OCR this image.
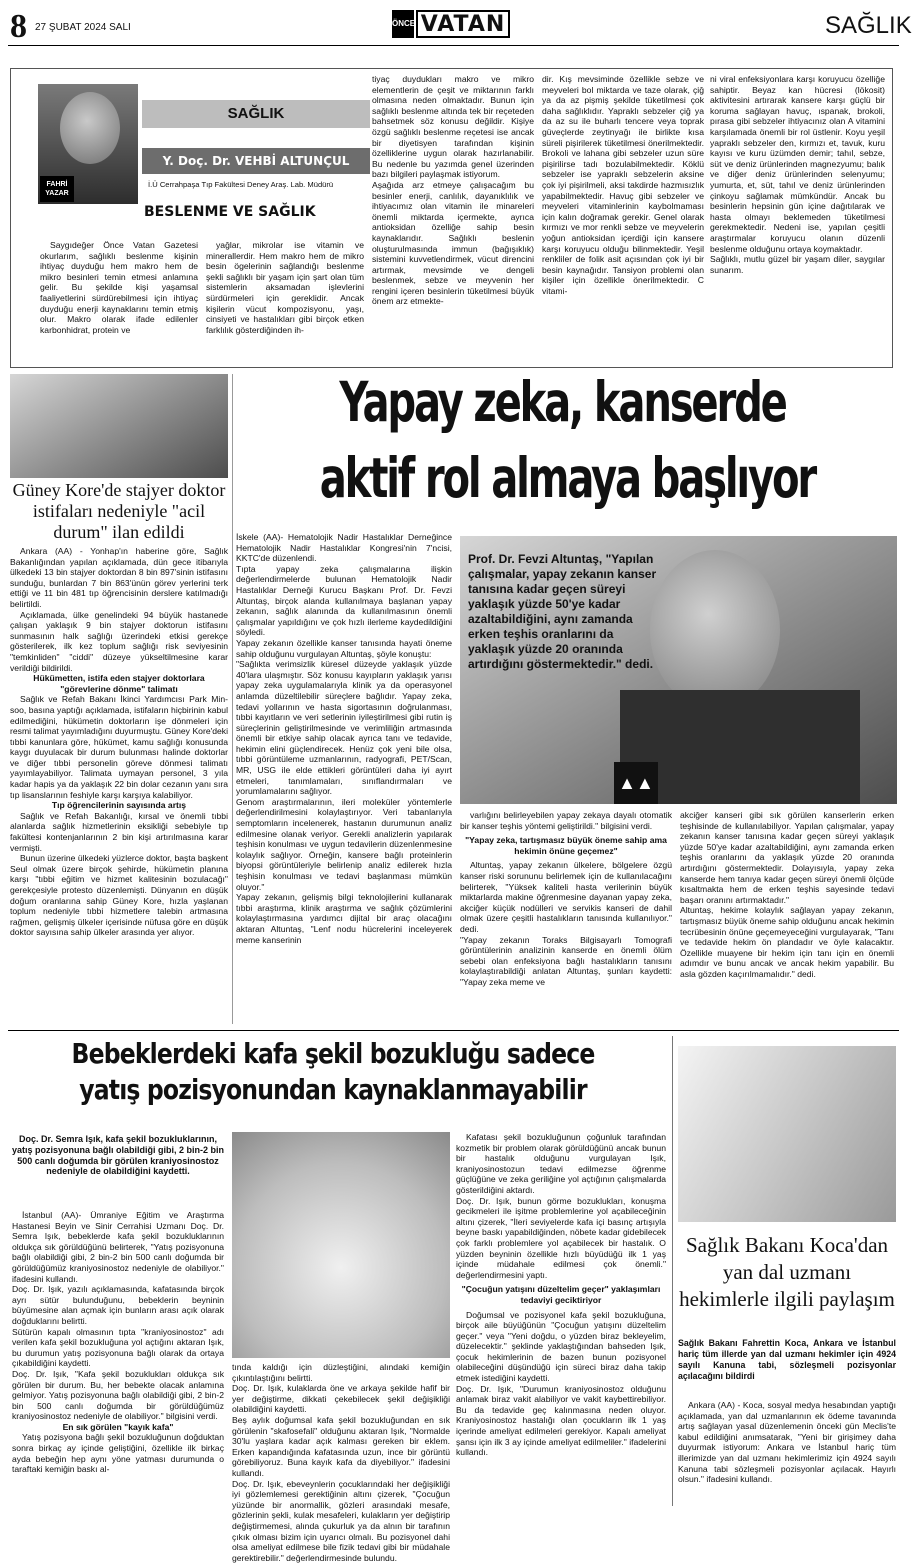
8 27 ŞUBAT 2024 SALI	ÖNCE VATAN	SAĞLIK
FAHRİ YAZAR
SAĞLIK
Y. Doç. Dr. VEHBİ ALTUNÇUL
İ.Ü Cerrahpaşa Tıp Fakültesi Deney Araş. Lab. Müdürü
BESLENME VE SAĞLIK

Saygıdeğer Önce Vatan Gazetesi okurlarım, sağlıklı beslenme kişinin ihtiyaç duyduğu hem makro hem de mikro besinleri temin etmesi anlamına gelir. Bu şekilde kişi yaşamsal faaliyetlerini sürdürebilmesi için ihtiyaç duyduğu enerji kaynaklarını temin etmiş olur. Makro olarak ifade edilenler karbonhidrat, protein ve

yağlar, mikrolar ise vitamin ve minerallerdir. Hem makro hem de mikro besin ögelerinin sağlandığı beslenme şekli sağlıklı bir yaşam için şart olan tüm sistemlerin aksamadan işlevlerini sürdürmeleri için gereklidir. Ancak kişilerin vücut kompozisyonu, yaşı, cinsiyeti ve hastalıkları gibi birçok etken farklılık gösterdiğinden ih-

tiyaç duydukları makro ve mikro elementlerin de çeşit ve miktarının farklı olmasına neden olmaktadır. Bunun için sağlıklı beslenme altında tek bir reçeteden bahsetmek söz konusu değildir. Kişiye özgü sağlıklı beslenme reçetesi ise ancak bir diyetisyen tarafından kişinin özelliklerine uygun olarak hazırlanabilir. Bu nedenle bu yazımda genel üzerinden bazı bilgileri paylaşmak istiyorum.
Aşağıda arz etmeye çalışacağım bu besinler enerji, canlılık, dayanıklılık ve ihtiyacımız olan vitamin ile minareleri önemli miktarda içermekte, ayrıca antioksidan özelliğe sahip besin kaynaklarıdır. Sağlıklı beslenin oluşturulmasında immun (bağışıklık) sistemini kuvvetlendirmek, vücut direncini artırmak, mevsimde ve dengeli beslenmek, sebze ve meyvenin her rengini içeren besinlerin tüketilmesi büyük önem arz etmekte-
dir. Kış mevsiminde özellikle sebze ve meyveleri bol miktarda ve taze olarak, çiğ ya da az pişmiş şekilde tüketilmesi çok daha sağlıklıdır. Yapraklı sebzeler çiğ ya da az su ile buharlı tencere veya toprak güveçlerde zeytinyağı ile birlikte kısa süreli pişirilerek tüketilmesi önerilmektedir. Brokoli ve lahana gibi sebzeler uzun süre pişirilirse tadı bozulabilmektedir. Köklü sebzeler ise yapraklı sebzelerin aksine çok iyi pişirilmeli, aksi takdirde hazmısızlık yapabilmektedir. Havuç gibi sebzeler ve meyveleri vitaminlerinin kaybolmaması için kalın doğramak gerekir. Genel olarak kırmızı ve mor renkli sebze ve meyvelerin yoğun antioksidan içerdiği için kansere karşı koruyucu olduğu bilinmektedir. Yeşil renkliler de folik asit açısından çok iyi bir besin kaynağıdır. Tansiyon problemi olan kişiler için özellikle önerilmektedir. C vitami-
ni viral enfeksiyonlara karşı koruyucu özelliğe sahiptir. Beyaz kan hücresi (lökosit) aktivitesini artırarak kansere karşı güçlü bir koruma sağlayan havuç, ıspanak, brokoli, pırasa gibi sebzeler ihtiyacınız olan A vitamini karşılamada önemli bir rol üstlenir. Koyu yeşil yapraklı sebzeler den, kırmızı et, tavuk, kuru kayısı ve kuru üzümden demir; tahıl, sebze, süt ve deniz ürünlerinden magnezyumu; balık ve diğer deniz ürünlerinden selenyumu; yumurta, et, süt, tahıl ve deniz ürünlerinden çinkoyu sağlamak mümkündür. Ancak bu besinlerin hepsinin gün içine dağıtılarak ve hasta olmayı beklemeden tüketilmesi gerekmektedir. Nedeni ise, yapılan çeşitli araştırmalar koruyucu olanın düzenli beslenme olduğunu ortaya koymaktadır.
Sağlıklı, mutlu güzel bir yaşam diler, saygılar sunarım.
Güney Kore'de stajyer doktor istifaları nedeniyle "acil durum" ilan edildi

Ankara (AA) - Yonhap'ın haberine göre, Sağlık Bakanlığından yapılan açıklamada, dün gece itibarıyla ülkedeki 13 bin stajyer doktordan 8 bin 897'sinin istifasını sunduğu, bunlardan 7 bin 863'ünün görev yerlerini terk ettiği ve 11 bin 481 tıp öğrencisinin derslere katılmadığı belirtildi.

Açıklamada, ülke genelindeki 94 büyük hastanede çalışan yaklaşık 9 bin stajyer doktorun istifasını sunmasının halk sağlığı üzerindeki etkisi gerekçe gösterilerek, ilk kez toplum sağlığı risk seviyesinin "temkinliden" "ciddi" düzeye yükseltilmesine karar verildiği bildirildi.

Hükümetten, istifa eden stajyer doktorlara "görevlerine dönme" talimatı

Sağlık ve Refah Bakanı İkinci Yardımcısı Park Min-soo, basına yaptığı açıklamada, istifaların hiçbirinin kabul edilmediğini, hükümetin doktorların işe dönmeleri için resmi talimat yayımladığını duyurmuştu. Güney Kore'deki tıbbi kanunlara göre, hükümet, kamu sağlığı konusunda kaygı duyulacak bir durum bulunması halinde doktorlar ve diğer tıbbi personelin göreve dönmesi talimatı yayımlayabiliyor. Talimata uymayan personel, 3 yıla kadar hapis ya da yaklaşık 22 bin dolar cezanın yanı sıra tıp lisanslarının feshiyle karşı karşıya kalabiliyor.

Tıp öğrencilerinin sayısında artış

Sağlık ve Refah Bakanlığı, kırsal ve önemli tıbbi alanlarda sağlık hizmetlerinin eksikliği sebebiyle tıp fakültesi kontenjanlarının 2 bin kişi artırılmasına karar vermişti.

Bunun üzerine ülkedeki yüzlerce doktor, başta başkent Seul olmak üzere birçok şehirde, hükümetin planına karşı "tıbbi eğitim ve hizmet kalitesinin bozulacağı" gerekçesiyle protesto düzenlemişti. Dünyanın en düşük doğum oranlarına sahip Güney Kore, hızla yaşlanan toplum nedeniyle tıbbi hizmetlere talebin artmasına rağmen, gelişmiş ülkeler içerisinde nüfusa göre en düşük doktor sayısına sahip ülkeler arasında yer alıyor.

Yapay zeka, kanserde
aktif rol almaya başlıyor
İskele (AA)- Hematolojik Nadir Hastalıklar Derneğince Hematolojik Nadir Hastalıklar Kongresi'nin 7'ncisi, KKTC'de düzenlendi.
Tıpta yapay zeka çalışmalarına ilişkin değerlendirmelerde bulunan Hematolojik Nadir Hastalıklar Derneği Kurucu Başkanı Prof. Dr. Fevzi Altuntaş, birçok alanda kullanılmaya başlanan yapay zekanın, sağlık alanında da kullanılmasının önemli çalışmalar yapıldığını ve çok hızlı ilerleme kaydedildiğini söyledi.
Yapay zekanın özellikle kanser tanısında hayati öneme sahip olduğunu vurgulayan Altuntaş, şöyle konuştu:
"Sağlıkta verimsizlik küresel düzeyde yaklaşık yüzde 40'lara ulaşmıştır. Söz konusu kayıpların yaklaşık yarısı yapay zeka uygulamalarıyla klinik ya da operasyonel anlamda düzeltilebilir süreçlere bağlıdır. Yapay zeka, tedavi yollarının ve hasta sigortasının doğrulanması, tıbbi kayıtların ve veri setlerinin iyileştirilmesi gibi rutin iş süreçlerinin geliştirilmesinde ve verimliliğin artmasında önemli bir etkiye sahip olacak ayrıca tanı ve tedavide, hekimin elini güçlendirecek. Henüz çok yeni bile olsa, tıbbi görüntüleme uzmanlarının, radyografi, PET/Scan, MR, USG ile elde ettikleri görüntüleri daha iyi ayırt etmeleri, tanımlamaları, sınıflandırmaları ve yorumlamalarını sağlıyor.
Genom araştırmalarının, ileri moleküler yöntemlerle değerlendirilmesini kolaylaştırıyor. Veri tabanlarıyla semptomların incelenerek, hastanın durumunun analiz edilmesine olanak veriyor. Gerekli analizlerin yapılarak teşhisin konulması ve uygun tedavilerin düzenlenmesine kolaylık sağlıyor. Örneğin, kansere bağlı proteinlerin biyopsi görüntüleriyle belirlenip analiz edilerek hızla teşhisin konulması ve tedavi başlanması mümkün oluyor."
Yapay zekanın, gelişmiş bilgi teknolojilerini kullanarak tıbbi araştırma, klinik araştırma ve sağlık çözümlerini kolaylaştırmasına yardımcı dijital bir araç olacağını aktaran Altuntaş, "Lenf nodu hücrelerini inceleyerek meme kanserinin
Prof. Dr. Fevzi Altuntaş, "Yapılan çalışmalar, yapay zekanın kanser tanısına kadar geçen süreyi yaklaşık yüzde 50'ye kadar azaltabildiğini, aynı zamanda erken teşhis oranlarını da yaklaşık yüzde 20 oranında artırdığını göstermektedir." dedi.
▲▲

varlığını belirleyebilen yapay zekaya dayalı otomatik bir kanser teşhis yöntemi geliştirildi." bilgisini verdi.

"Yapay zeka, tartışmasız büyük öneme sahip ama hekimin önüne geçemez"

Altuntaş, yapay zekanın ülkelere, bölgelere özgü kanser riski sorununu belirlemek için de kullanılacağını belirterek, "Yüksek kaliteli hasta verilerinin büyük miktarlarda makine öğrenmesine dayanan yapay zeka, akciğer küçük nodülleri ve servikis kanseri de dahil olmak üzere çeşitli hastalıkların tanısında kullanılıyor." dedi.
"Yapay zekanın Toraks Bilgisayarlı Tomografi görüntülerinin analizinin kanserde en önemli ölüm sebebi olan enfeksiyona bağlı hastalıkların tanısını kolaylaştırabildiği anlatan Altuntaş, şunları kaydetti: "Yapay zeka meme ve

akciğer kanseri gibi sık görülen kanserlerin erken teşhisinde de kullanılabiliyor. Yapılan çalışmalar, yapay zekanın kanser tanısına kadar geçen süreyi yaklaşık yüzde 50'ye kadar azaltabildiğini, aynı zamanda erken teşhis oranlarını da yaklaşık yüzde 20 oranında artırdığını göstermektedir. Dolayısıyla, yapay zeka kanserde hem tanıya kadar geçen süreyi önemli ölçüde kısaltmakta hem de erken teşhis sayesinde tedavi başarı oranını artırmaktadır."
Altuntaş, hekime kolaylık sağlayan yapay zekanın, tartışmasız büyük öneme sahip olduğunu ancak hekimin tecrübesinin önüne geçemeyeceğini vurgulayarak, "Tanı ve tedavide hekim ön plandadır ve öyle kalacaktır. Özellikle muayene bir hekim için tanı için en önemli adımdır ve bunu ancak ve ancak hekim yapabilir. Bu asla gözden kaçırılmamalıdır." dedi.
Bebeklerdeki kafa şekil bozukluğu sadece
yatış pozisyonundan kaynaklanmayabilir
Doç. Dr. Semra Işık, kafa şekil bozukluklarının, yatış pozisyonuna bağlı olabildiği gibi, 2 bin-2 bin 500 canlı doğumda bir görülen kraniyosinostoz nedeniyle de olabildiğini kaydetti.

İstanbul (AA)- Ümraniye Eğitim ve Araştırma Hastanesi Beyin ve Sinir Cerrahisi Uzmanı Doç. Dr. Semra Işık, bebeklerde kafa şekil bozukluklarının oldukça sık görüldüğünü belirterek, "Yatış pozisyonuna bağlı olabildiği gibi, 2 bin-2 bin 500 canlı doğumda bir görüldüğümüz kraniyosinostoz nedeniyle de olabiliyor." ifadesini kullandı.
Doç. Dr. Işık, yazılı açıklamasında, kafatasında birçok ayrı sütür bulunduğunu, bebeklerin beyninin büyümesine alan açmak için bunların arası açık olarak doğduklarını belirtti.
Sütürün kapalı olmasının tıpta "kraniyosinostoz" adı verilen kafa şekil bozukluğuna yol açtığını aktaran Işık, bu durumun yatış pozisyonuna bağlı olarak da ortaya çıkabildiğini kaydetti.
Doç. Dr. Işık, "Kafa şekil bozuklukları oldukça sık görülen bir durum. Bu, her bebekte olacak anlamına gelmiyor. Yatış pozisyonuna bağlı olabildiği gibi, 2 bin-2 bin 500 canlı doğumda bir görüldüğümüz kraniyosinostoz nedeniyle de olabiliyor." bilgisini verdi.

En sık görülen "kayık kafa"

Yatış pozisyona bağlı şekil bozukluğunun doğduktan sonra birkaç ay içinde geliştiğini, özellikle ilk birkaç ayda bebeğin hep aynı yöne yatması durumunda o taraftaki kemiğin baskı al-

tında kaldığı için düzleştiğini, alındaki kemiğin çıkıntılaştığını belirtti.
Doç. Dr. Işık, kulaklarda öne ve arkaya şekilde hafif bir yer değiştirme, dikkati çekebilecek şekil değişikliği olabildiğini kaydetti.
Beş aylık doğumsal kafa şekil bozukluğundan en sık görülenin "skafosefali" olduğunu aktaran Işık, "Normalde 30'lu yaşlara kadar açık kalması gereken bir eklem. Erken kapandığında kafatasında uzun, ince bir görüntü görebiliyoruz. Buna kayık kafa da diyebiliyor." ifadesini kullandı.
Doç. Dr. Işık, ebeveynlerin çocuklarındaki her değişikliği iyi gözlemlemesi gerektiğinin altını çizerek, "Çocuğun yüzünde bir anormallik, gözleri arasındaki mesafe, gözlerinin şekli, kulak mesafeleri, kulakların yer değiştirip değiştirmemesi, alında çukurluk ya da alnın bir tarafının çıkık olması bizim için uyarıcı olmalı. Bu pozisyonel dahi olsa ameliyat edilmese bile fizik tedavi gibi bir müdahale gerektirebilir." değerlendirmesinde bulundu.

Kafatası şekil bozukluğunun çoğunluk tarafından kozmetik bir problem olarak görüldüğünü ancak bunun bir hastalık olduğunu vurgulayan Işık, kraniyosinostozun tedavi edilmezse öğrenme güçlüğüne ve zeka geriliğine yol açtığının çalışmalarda gösterildiğini aktardı.
Doç. Dr. Işık, bunun görme bozuklukları, konuşma gecikmeleri ile işitme problemlerine yol açabileceğinin altını çizerek, "İleri seviyelerde kafa içi basınç artışıyla beyne baskı yapabildiğinden, nöbete kadar gidebilecek çok farklı problemlere yol açabilecek bir hastalık. O yüzden beyninin özellikle hızlı büyüdüğü ilk 1 yaş içinde müdahale edilmesi çok önemli." değerlendirmesini yaptı.

"Çocuğun yatışını düzeltelim geçer" yaklaşımları tedaviyi geciktiriyor

Doğumsal ve pozisyonel kafa şekil bozukluğuna, birçok aile büyüğünün "Çocuğun yatışını düzeltelim geçer." veya "Yeni doğdu, o yüzden biraz bekleyelim, düzelecektir." şeklinde yaklaştığından bahseden Işık, çocuk hekimlerinin de bazen bunun pozisyonel olabileceğini düşündüğü için süreci biraz daha takip etmek istediğini kaydetti.
Doç. Dr. Işık, "Durumun kraniyosinostoz olduğunu anlamak biraz vakit alabiliyor ve vakit kaybettirebiliyor. Bu da tedavide geç kalınmasına neden oluyor. Kraniyosinostoz hastalığı olan çocukların ilk 1 yaş içerinde ameliyat edilmeleri gerekiyor. Kapalı ameliyat şansı için ilk 3 ay içinde ameliyat edilmeliler." ifadelerini kullandı.

Sağlık Bakanı Koca'dan yan dal uzmanı hekimlerle ilgili paylaşım
Sağlık Bakanı Fahrettin Koca, Ankara ve İstanbul hariç tüm illerde yan dal uzmanı hekimler için 4924 sayılı Kanuna tabi, sözleşmeli pozisyonlar açılacağını bildirdi

Ankara (AA) - Koca, sosyal medya hesabından yaptığı açıklamada, yan dal uzmanlarının ek ödeme tavanında artış sağlayan yasal düzenlemenin önceki gün Meclis'te kabul edildiğini anımsatarak, "Yeni bir girişimey daha duyurmak istiyorum: Ankara ve İstanbul hariç tüm illerimizde yan dal uzmanı hekimlerimiz için 4924 sayılı Kanuna tabi sözleşmeli pozisyonlar açılacak. Hayırlı olsun." ifadesini kullandı.
